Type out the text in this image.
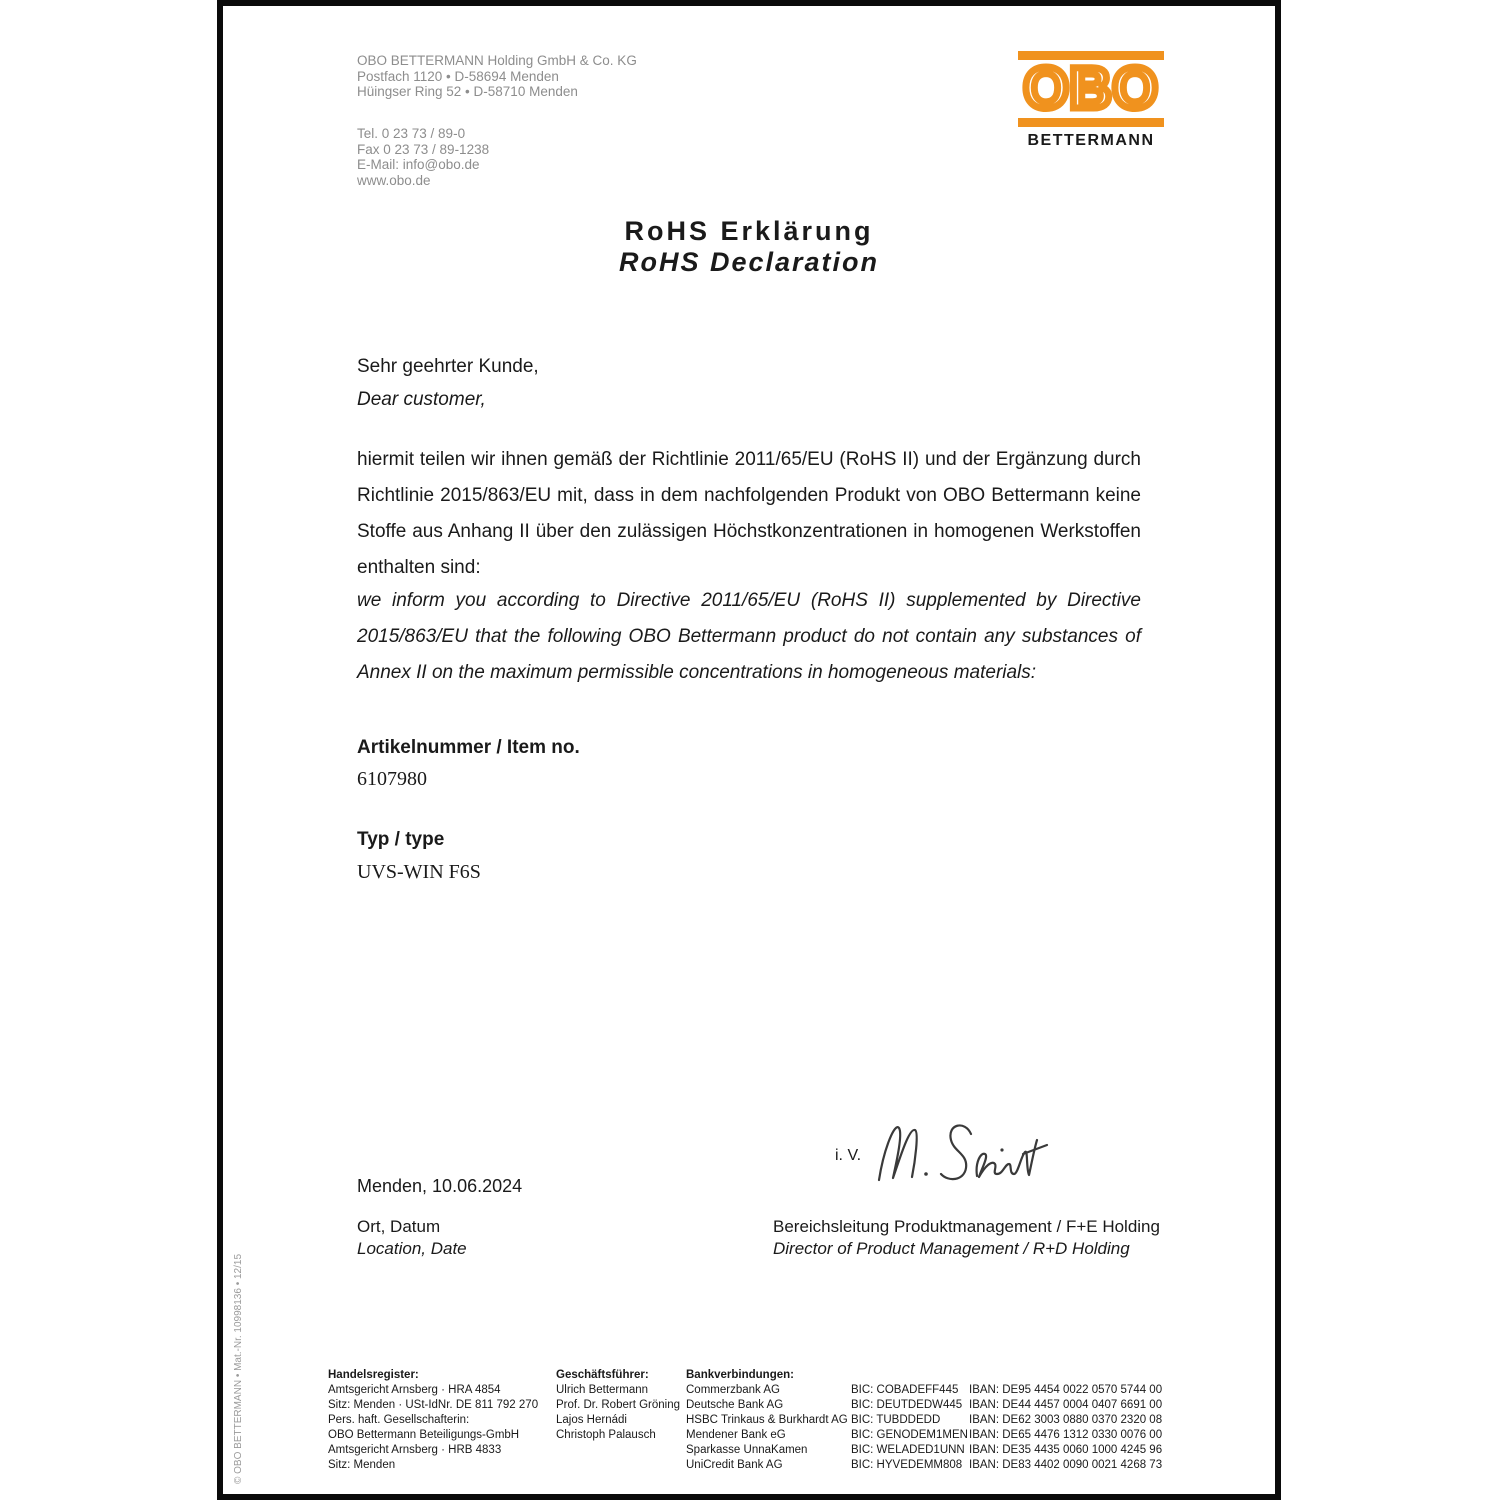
OBO BETTERMANN Holding GmbH & Co. KG
Postfach 1120 • D-58694 Menden
Hüingser Ring 52 • D-58710 Menden
Tel. 0 23 73 / 89-0
Fax 0 23 73 / 89-1238
E-Mail: info@obo.de
www.obo.de
OBO
BETTERMANN
RoHS Erklärung
RoHS Declaration
Sehr geehrter Kunde,
Dear customer,
hiermit teilen wir ihnen gemäß der Richtlinie 2011/65/EU (RoHS II) und der Ergänzung durch Richtlinie 2015/863/EU mit, dass in dem nachfolgenden Produkt von OBO Bettermann keine Stoffe aus Anhang II über den zulässigen Höchstkonzentrationen in homogenen Werkstoffen enthalten sind:
we inform you according to Directive 2011/65/EU (RoHS II) supplemented by Directive 2015/863/EU that the following OBO Bettermann product do not contain any substances of Annex II on the maximum permissible concentrations in homogeneous materials:
Artikelnummer / Item no.
6107980
Typ / type
UVS-WIN F6S
i. V.
Menden, 10.06.2024
Ort, Datum
Location, Date
Bereichsleitung Produktmanagement / F+E Holding
Director of Product Management / R+D Holding
Handelsregister:
Amtsgericht Arnsberg · HRA 4854
Sitz: Menden · USt-IdNr. DE 811 792 270
Pers. haft. Gesellschafterin:
OBO Bettermann Beteiligungs-GmbH
Amtsgericht Arnsberg · HRB 4833
Sitz: Menden
Geschäftsführer:
Ulrich Bettermann
Prof. Dr. Robert Gröning
Lajos Hernádi
Christoph Palausch
Bankverbindungen:
Commerzbank AG
Deutsche Bank AG
HSBC Trinkaus & Burkhardt AG
Mendener Bank eG
Sparkasse UnnaKamen
UniCredit Bank AG
BIC: COBADEFF445
BIC: DEUTDEDW445
BIC: TUBDDEDD
BIC: GENODEM1MEN
BIC: WELADED1UNN
BIC: HYVEDEMM808
IBAN: DE95 4454 0022 0570 5744 00
IBAN: DE44 4457 0004 0407 6691 00
IBAN: DE62 3003 0880 0370 2320 08
IBAN: DE65 4476 1312 0330 0076 00
IBAN: DE35 4435 0060 1000 4245 96
IBAN: DE83 4402 0090 0021 4268 73
© OBO BETTERMANN • Mat.-Nr. 10998136 • 12/15
